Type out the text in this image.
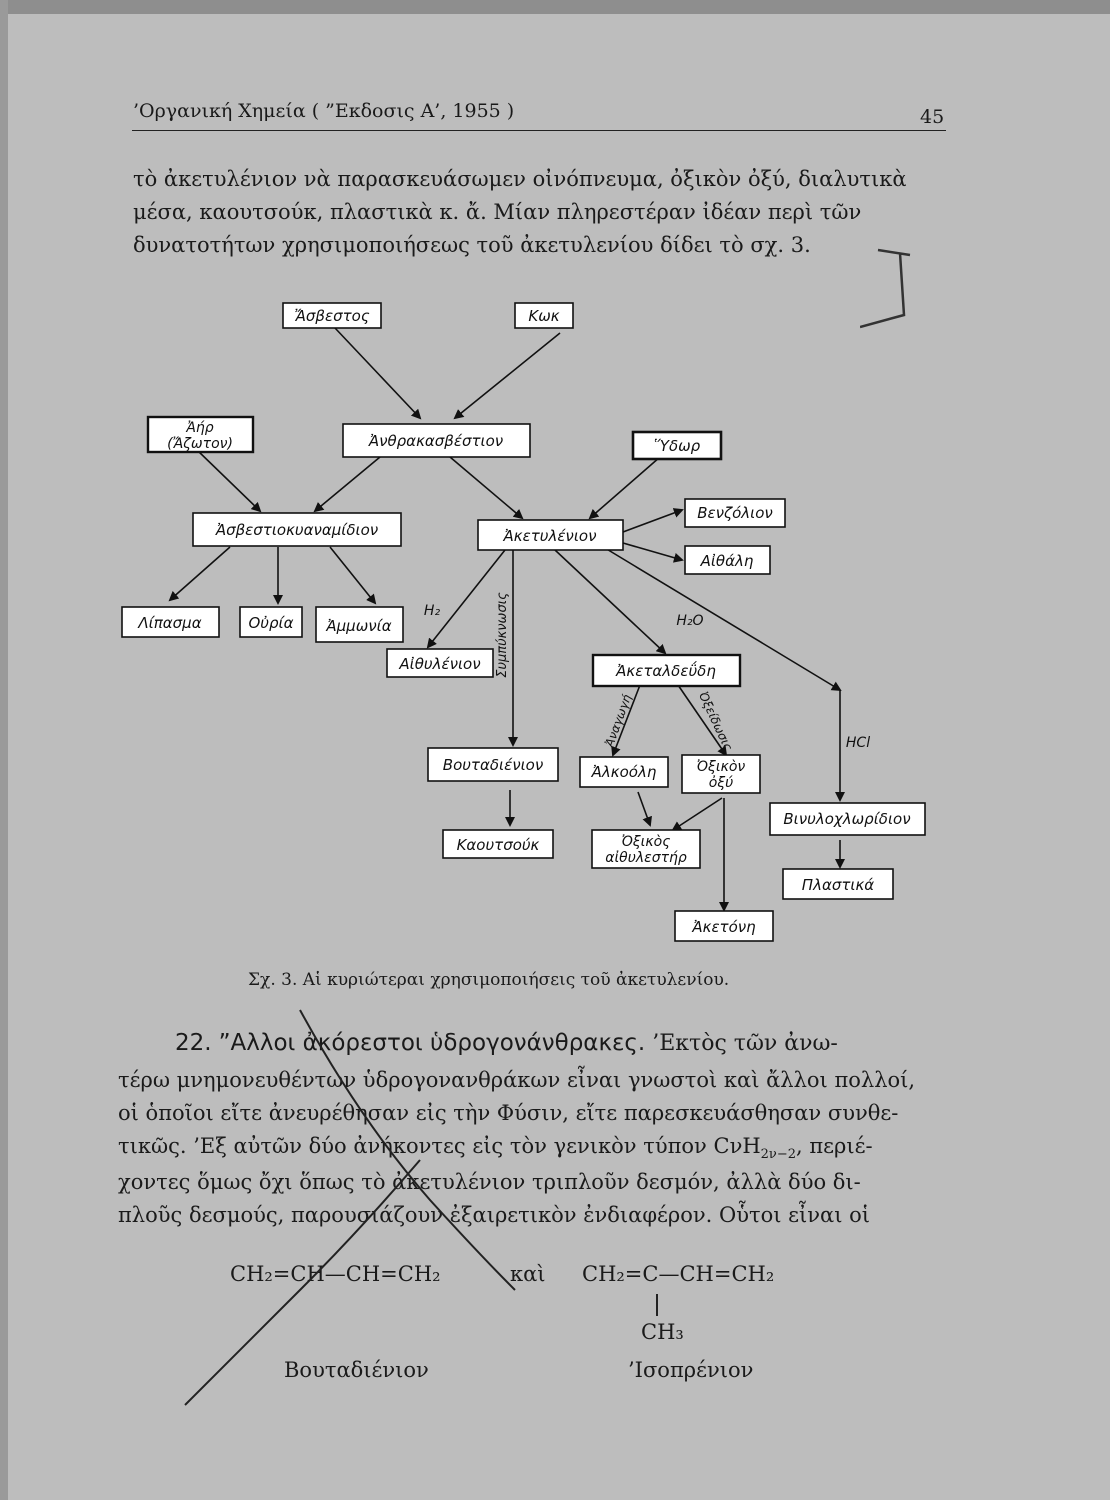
’Οργανική Χημεία ( ”Εκδοσις Α’, 1955 )	45
τὸ ἀκετυλένιον νὰ παρασκευάσωμεν οἰνόπνευμα, ὀξικὸν ὀξύ, διαλυτικὰ
μέσα, καουτσούκ, πλαστικὰ κ. ἄ. Μίαν πληρεστέραν ἰδέαν περὶ τῶν
δυνατοτήτων χρησιμοποιήσεως τοῦ ἀκετυλενίου δίδει τὸ σχ. 3.
Ἄσβεστος	Κωκ
Ἀήρ
(Ἄζωτον)	Ἀνθρακασβέστιον	Ὕδωρ
Ἀσβεστιοκυαναμίδιον	Ἀκετυλένιον
Βενζόλιον
Αἰθάλη
Λίπασμα	Οὐρία Ἀμμωνία
Αἰθυλένιον	Ἀκεταλδεΰδη
Βουταδιένιον	Ἀλκοόλη	Ὀξικὸν
ὀξύ
Βινυλοχλωρίδιον
Καουτσούκ	Ὀξικὸς
αἰθυλεστήρ
Πλαστικά
Ἀκετόνη
H₂
H₂O
HCl
Συμπύκνωσις
Ἀναγωγή	Ὀξείδωσις
Σχ. 3. Αἱ κυριώτεραι χρησιμοποιήσεις τοῦ ἀκετυλενίου.
22. ”Αλλοι ἀκόρεστοι ὑδρογονάνθρακες. ’Εκτὸς τῶν ἀνω-
τέρω μνημονευθέντων ὑδρογονανθράκων εἶναι γνωστοὶ καὶ ἄλλοι πολλοί,
οἱ ὁποῖοι εἴτε ἀνευρέθησαν εἰς τὴν Φύσιν, εἴτε παρεσκευάσθησαν συνθε-
τικῶς. ’Εξ αὐτῶν δύο ἀνήκοντες εἰς τὸν γενικὸν τύπον CνH$_{2\nu-2}$, περιέ-
χοντες ὅμως ὄχι ὅπως τὸ ἀκετυλένιον τριπλοῦν δεσμόν, ἀλλὰ δύο δι-
πλοῦς δεσμούς, παρουσιάζουν ἐξαιρετικὸν ἐνδιαφέρον. Οὗτοι εἶναι οἱ
CH₂=CH—CH=CH₂	καὶ CH₂=C—CH=CH₂
CH₃
Βουταδιένιον	’Ισοπρένιον
